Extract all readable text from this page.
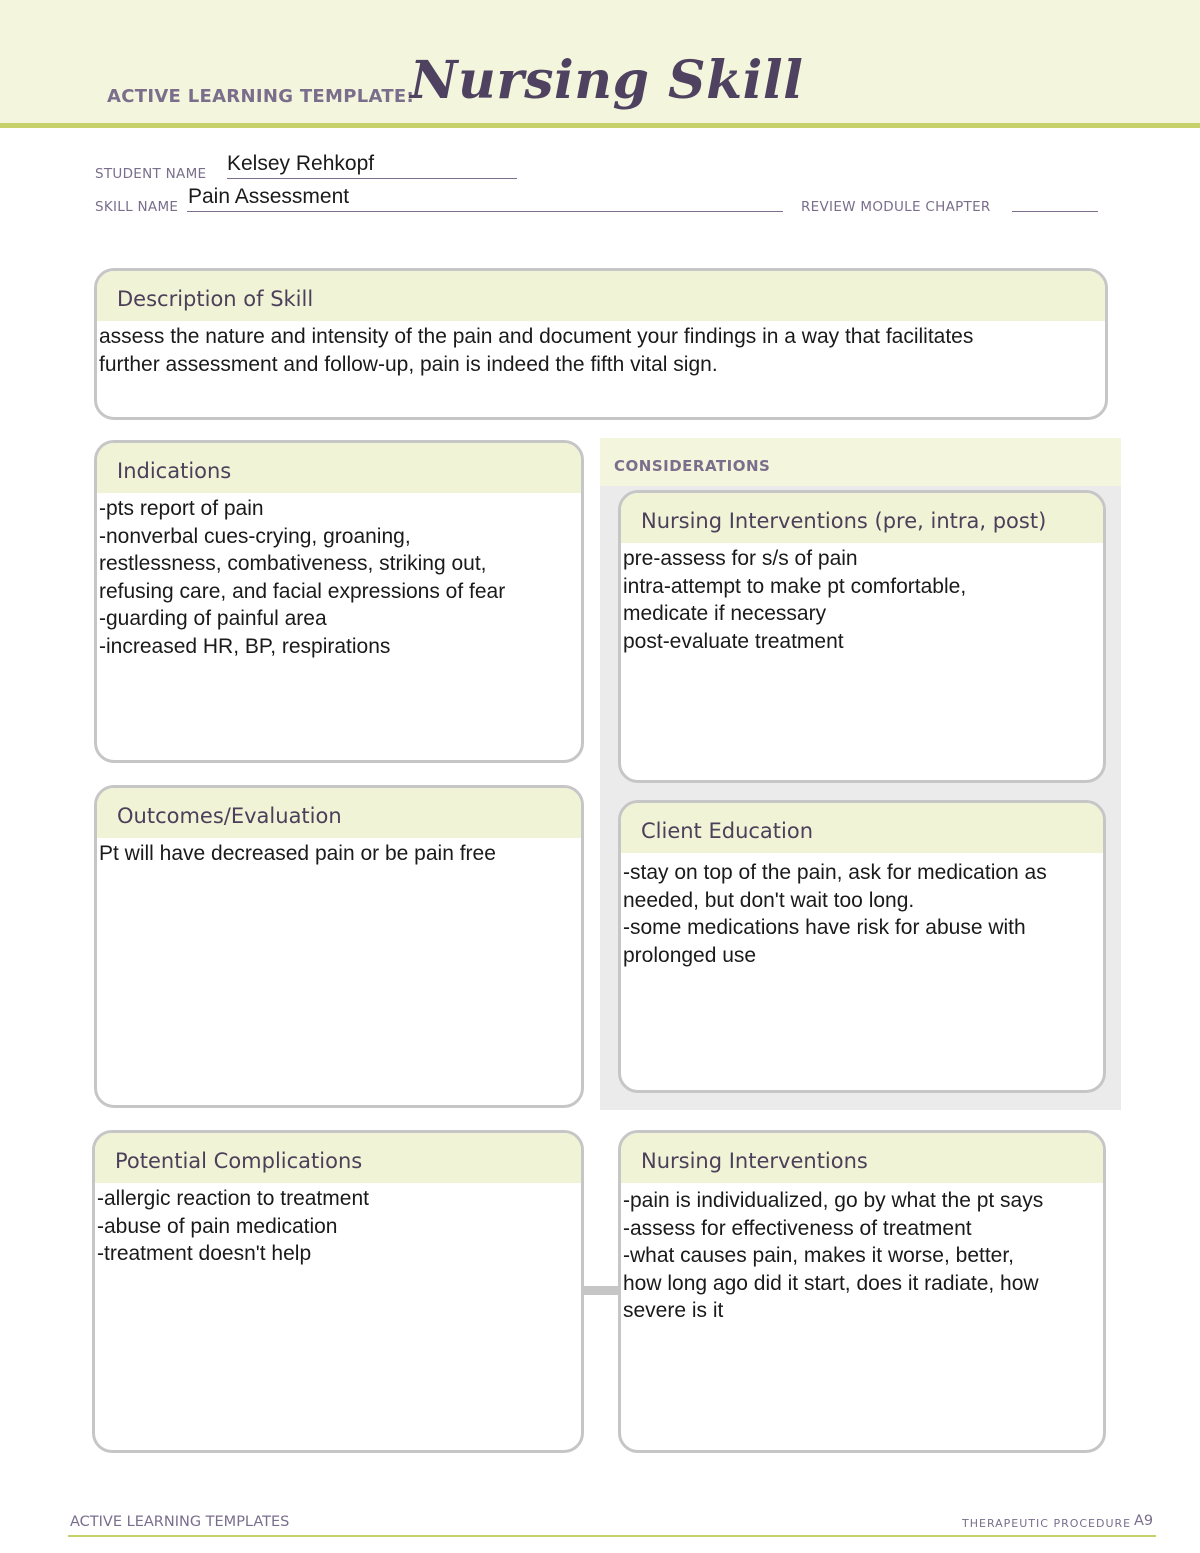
ACTIVE LEARNING TEMPLATE:
Nursing Skill
STUDENT NAME Kelsey Rehkopf
SKILL NAME Pain Assessment	REVIEW MODULE CHAPTER
Description of Skill
assess the nature and intensity of the pain and document your findings in a way that facilitates
further assessment and follow-up, pain is indeed the fifth vital sign.
CONSIDERATIONS
Indications
-pts report of pain
-nonverbal cues-crying, groaning,
restlessness, combativeness, striking out,
refusing care, and facial expressions of fear
-guarding of painful area
-increased HR, BP, respirations
Nursing Interventions (pre, intra, post)
pre-assess for s/s of pain
intra-attempt to make pt comfortable,
medicate if necessary
post-evaluate treatment
Outcomes/Evaluation
Pt will have decreased pain or be pain free
Client Education
-stay on top of the pain, ask for medication as
needed, but don't wait too long.
-some medications have risk for abuse with
prolonged use
Potential Complications
-allergic reaction to treatment
-abuse of pain medication
-treatment doesn't help
Nursing Interventions
-pain is individualized, go by what the pt says
-assess for effectiveness of treatment
-what causes pain, makes it worse, better,
how long ago did it start, does it radiate, how
severe is it
ACTIVE LEARNING TEMPLATES	THERAPEUTIC PROCEDURE A9
